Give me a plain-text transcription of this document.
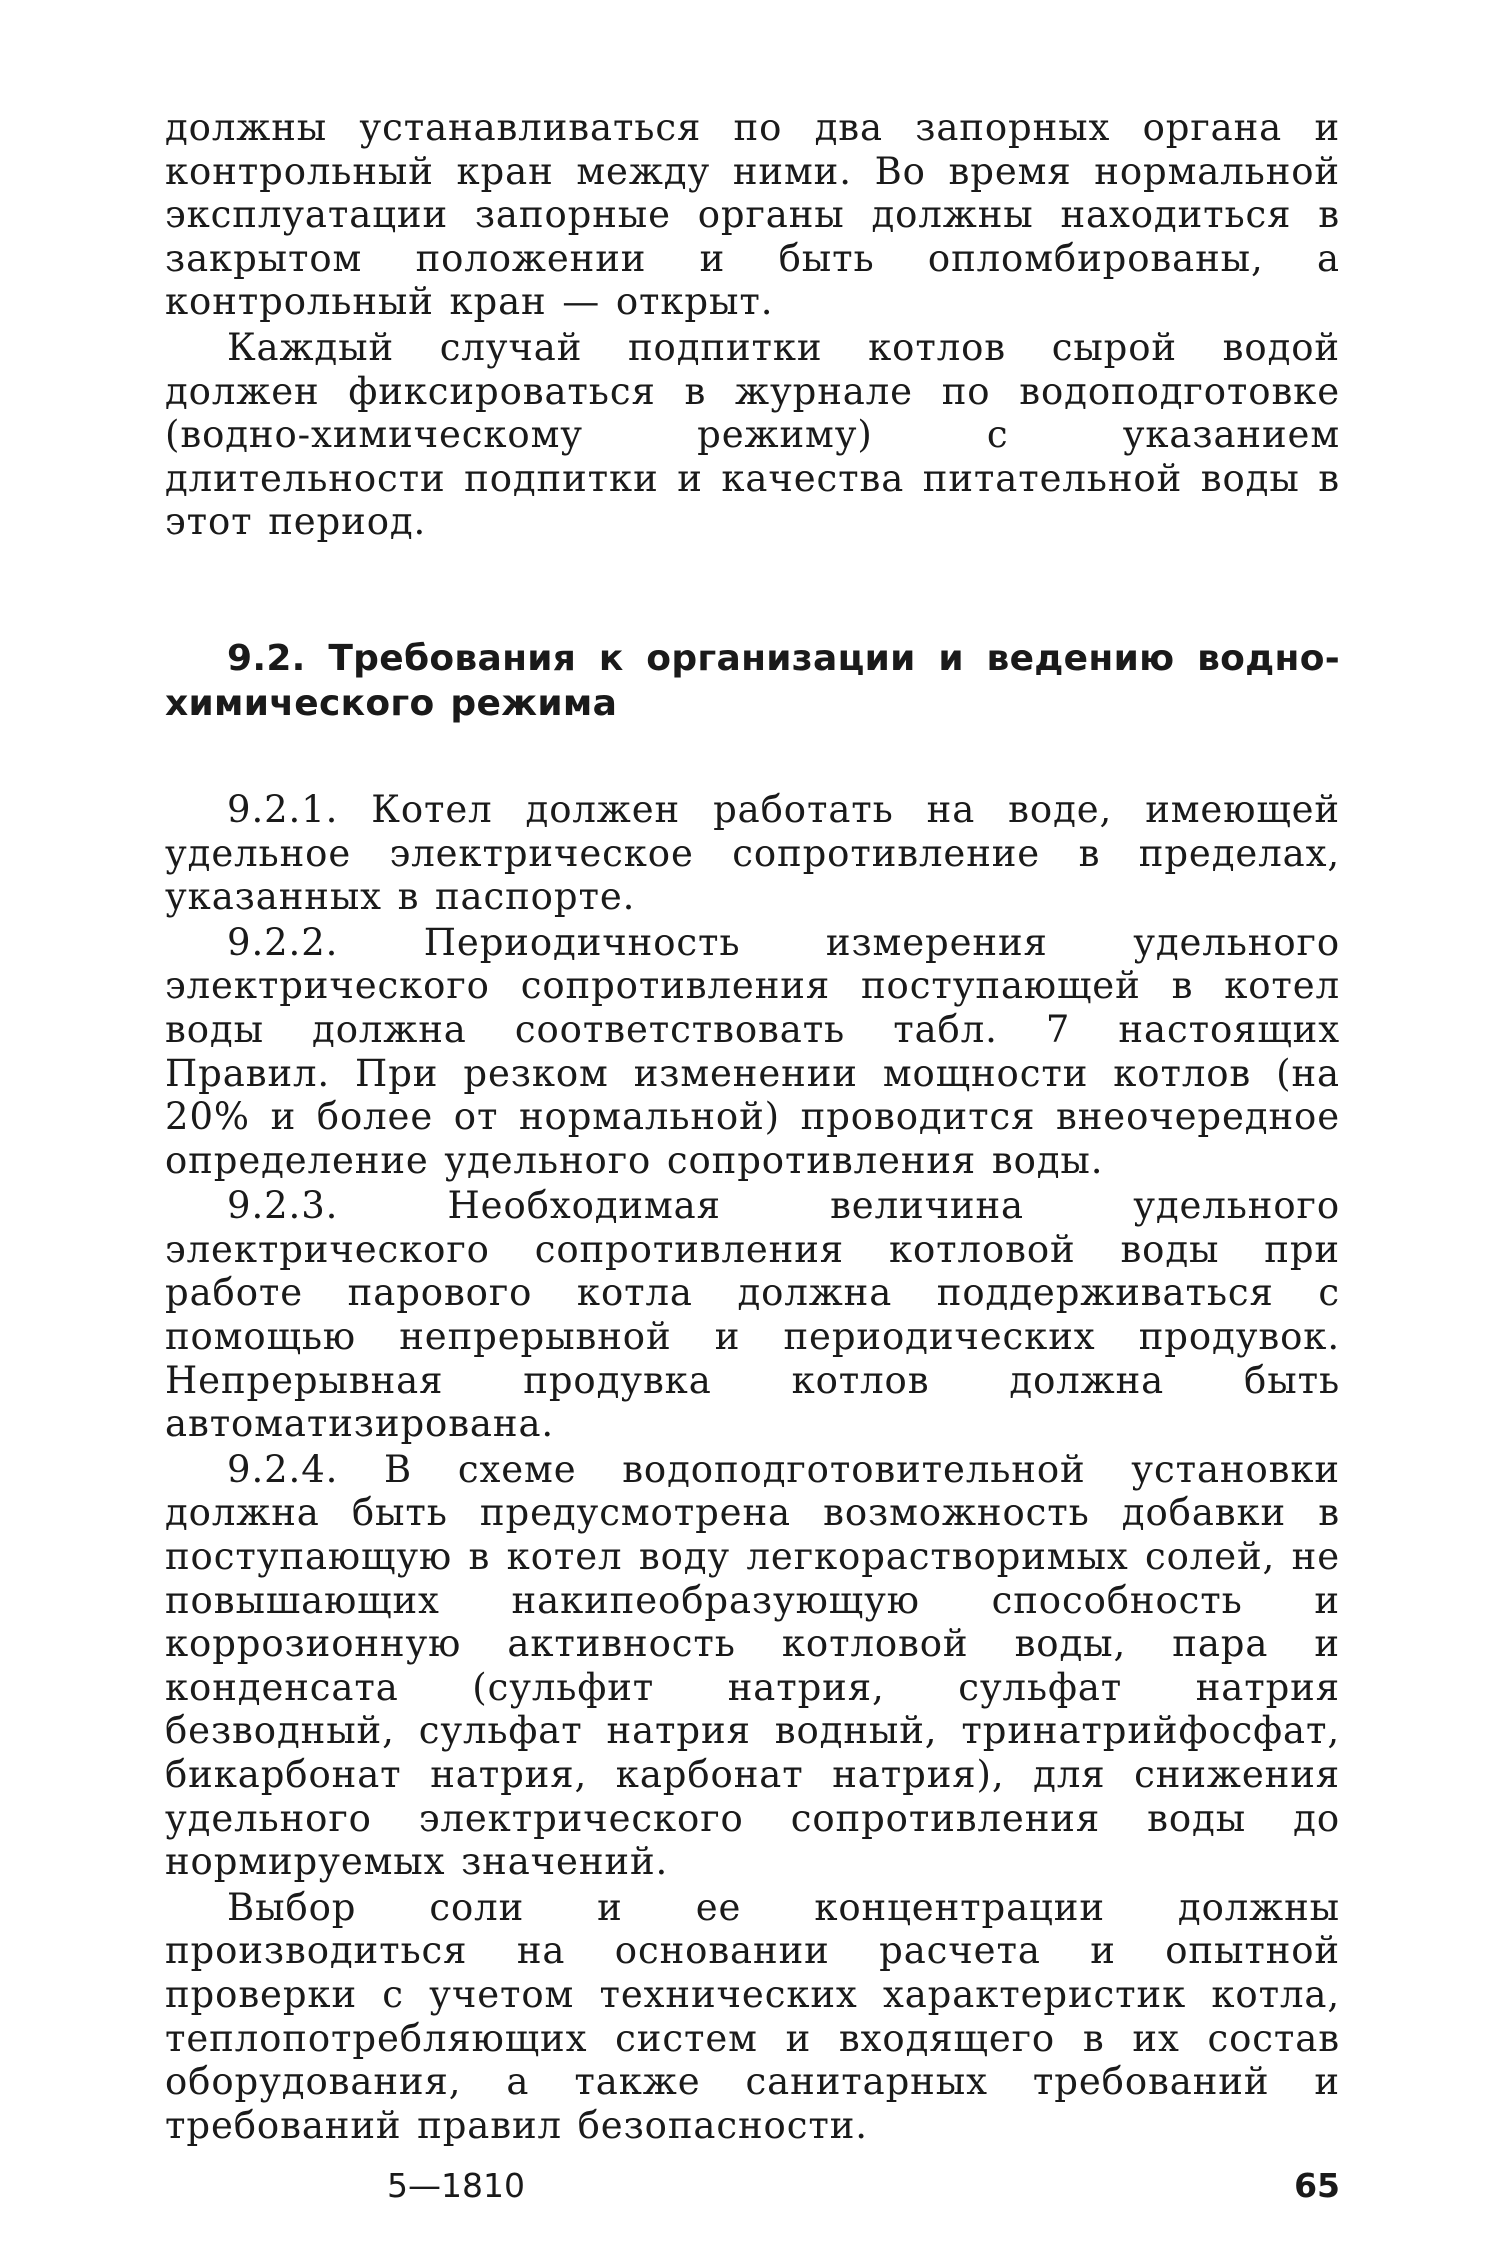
должны устанавливаться по два запорных органа и контрольный кран между ними. Во время нормальной эксплуатации запорные органы должны находиться в закрытом положении и быть опломбированы, а контрольный кран — открыт.

Каждый случай подпитки котлов сырой водой должен фиксироваться в журнале по водоподготовке (водно-химическому режиму) с указанием длительности подпитки и качества питательной воды в этот период.

9.2. Требования к организации и ведению водно-химического режима

9.2.1. Котел должен работать на воде, имеющей удельное электрическое сопротивление в пределах, указанных в паспорте.

9.2.2. Периодичность измерения удельного электрического сопротивления поступающей в котел воды должна соответствовать табл. 7 настоящих Правил. При резком изменении мощности котлов (на 20% и более от нормальной) проводится внеочередное определение удельного сопротивления воды.

9.2.3. Необходимая величина удельного электрического сопротивления котловой воды при работе парового котла должна поддерживаться с помощью непрерывной и периодических продувок. Непрерывная продувка котлов должна быть автоматизирована.

9.2.4. В схеме водоподготовительной установки должна быть предусмотрена возможность добавки в поступающую в котел воду легкорастворимых солей, не повышающих накипеобразующую способность и коррозионную активность котловой воды, пара и конденсата (сульфит натрия, сульфат натрия безводный, сульфат натрия водный, тринатрийфосфат, бикарбонат натрия, карбонат натрия), для снижения удельного электрического сопротивления воды до нормируемых значений.

Выбор соли и ее концентрации должны производиться на основании расчета и опытной проверки с учетом технических характеристик котла, теплопотребляющих систем и входящего в их состав оборудования, а также санитарных требований и требований правил безопасности.

5—1810	65
